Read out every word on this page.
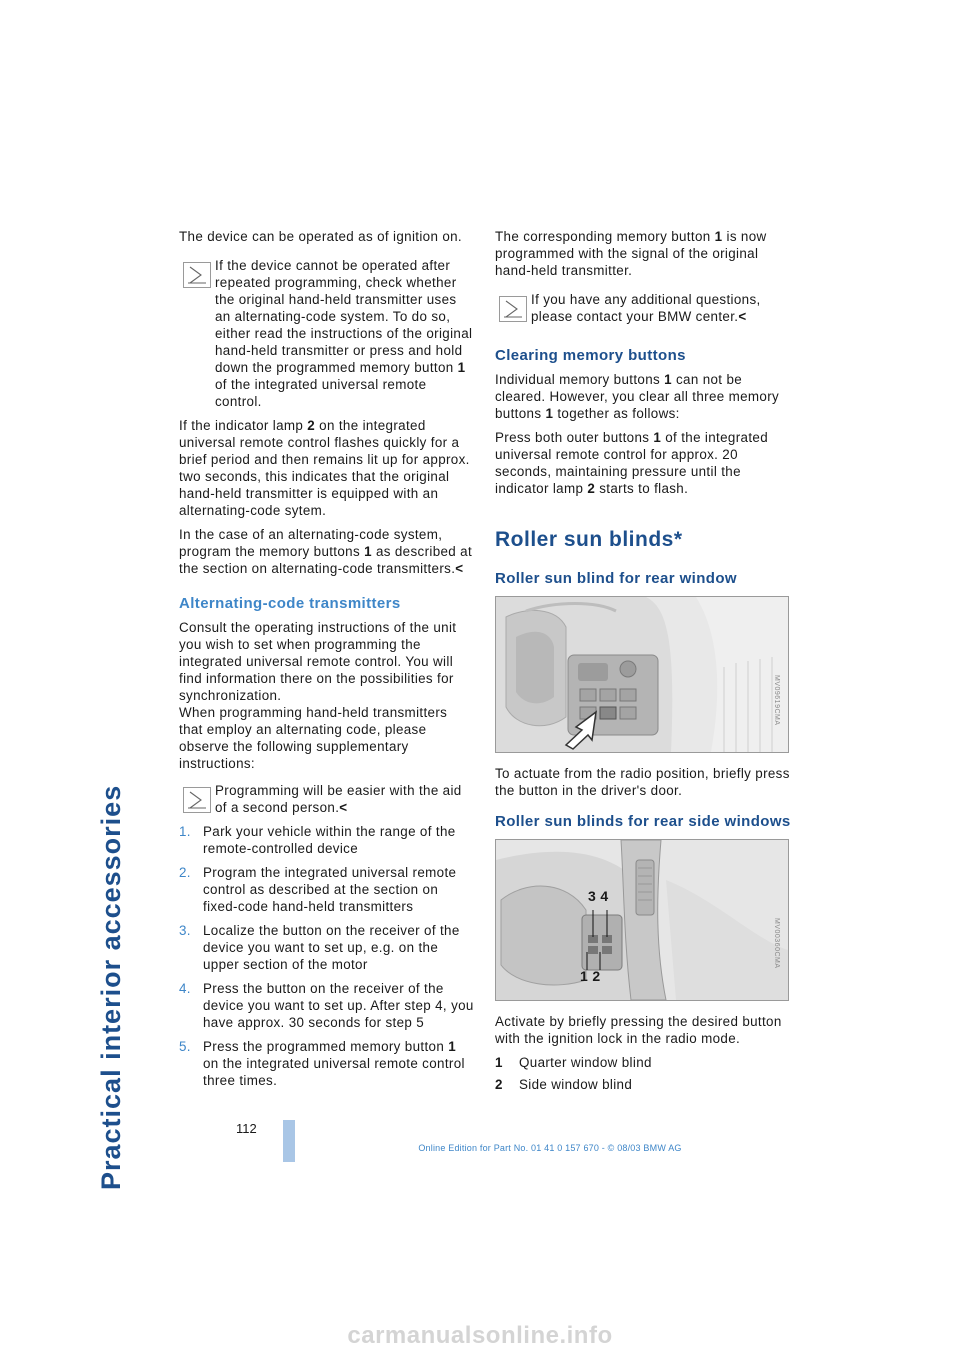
Practical interior accessories

The device can be operated as of ignition on.

If the device cannot be operated after repeated programming, check whether the original hand-held transmitter uses an alternating-code system. To do so, either read the instructions of the original hand-held transmitter or press and hold down the programmed memory button 1 of the integrated universal remote control.

If the indicator lamp 2 on the integrated universal remote control flashes quickly for a brief period and then remains lit up for approx. two seconds, this indicates that the original hand-held transmitter is equipped with an alternating-code sytem.

In the case of an alternating-code system, program the memory buttons 1 as described at the section on alternating-code transmitters.<

Alternating-code transmitters

Consult the operating instructions of the unit you wish to set when programming the integrated universal remote control. You will find information there on the possibilities for synchronization.

When programming hand-held transmitters that employ an alternating code, please observe the following supplementary instructions:

Programming will be easier with the aid of a second person.<
1. Park your vehicle within the range of the remote-controlled device
2. Program the integrated universal remote control as described at the section on fixed-code hand-held transmitters
3. Localize the button on the receiver of the device you want to set up, e.g. on the upper section of the motor
4. Press the button on the receiver of the device you want to set up. After step 4, you have approx. 30 seconds for step 5
5. Press the programmed memory button 1 on the integrated universal remote control three times.

The corresponding memory button 1 is now programmed with the signal of the original hand-held transmitter.

If you have any additional questions, please contact your BMW center.<
Clearing memory buttons

Individual memory buttons 1 can not be cleared. However, you clear all three memory buttons 1 together as follows:

Press both outer buttons 1 of the integrated universal remote control for approx. 20 seconds, maintaining pressure until the indicator lamp 2 starts to flash.

Roller sun blinds*
Roller sun blind for rear window
MV09619CMA

To actuate from the radio position, briefly press the button in the driver's door.

Roller sun blinds for rear side windows
3 4
1 2
MV00360CMA

Activate by briefly pressing the desired button with the ignition lock in the radio mode.

1 Quarter window blind
2 Side window blind
112
Online Edition for Part No. 01 41 0 157 670 - © 08/03 BMW AG
carmanualsonline.info
